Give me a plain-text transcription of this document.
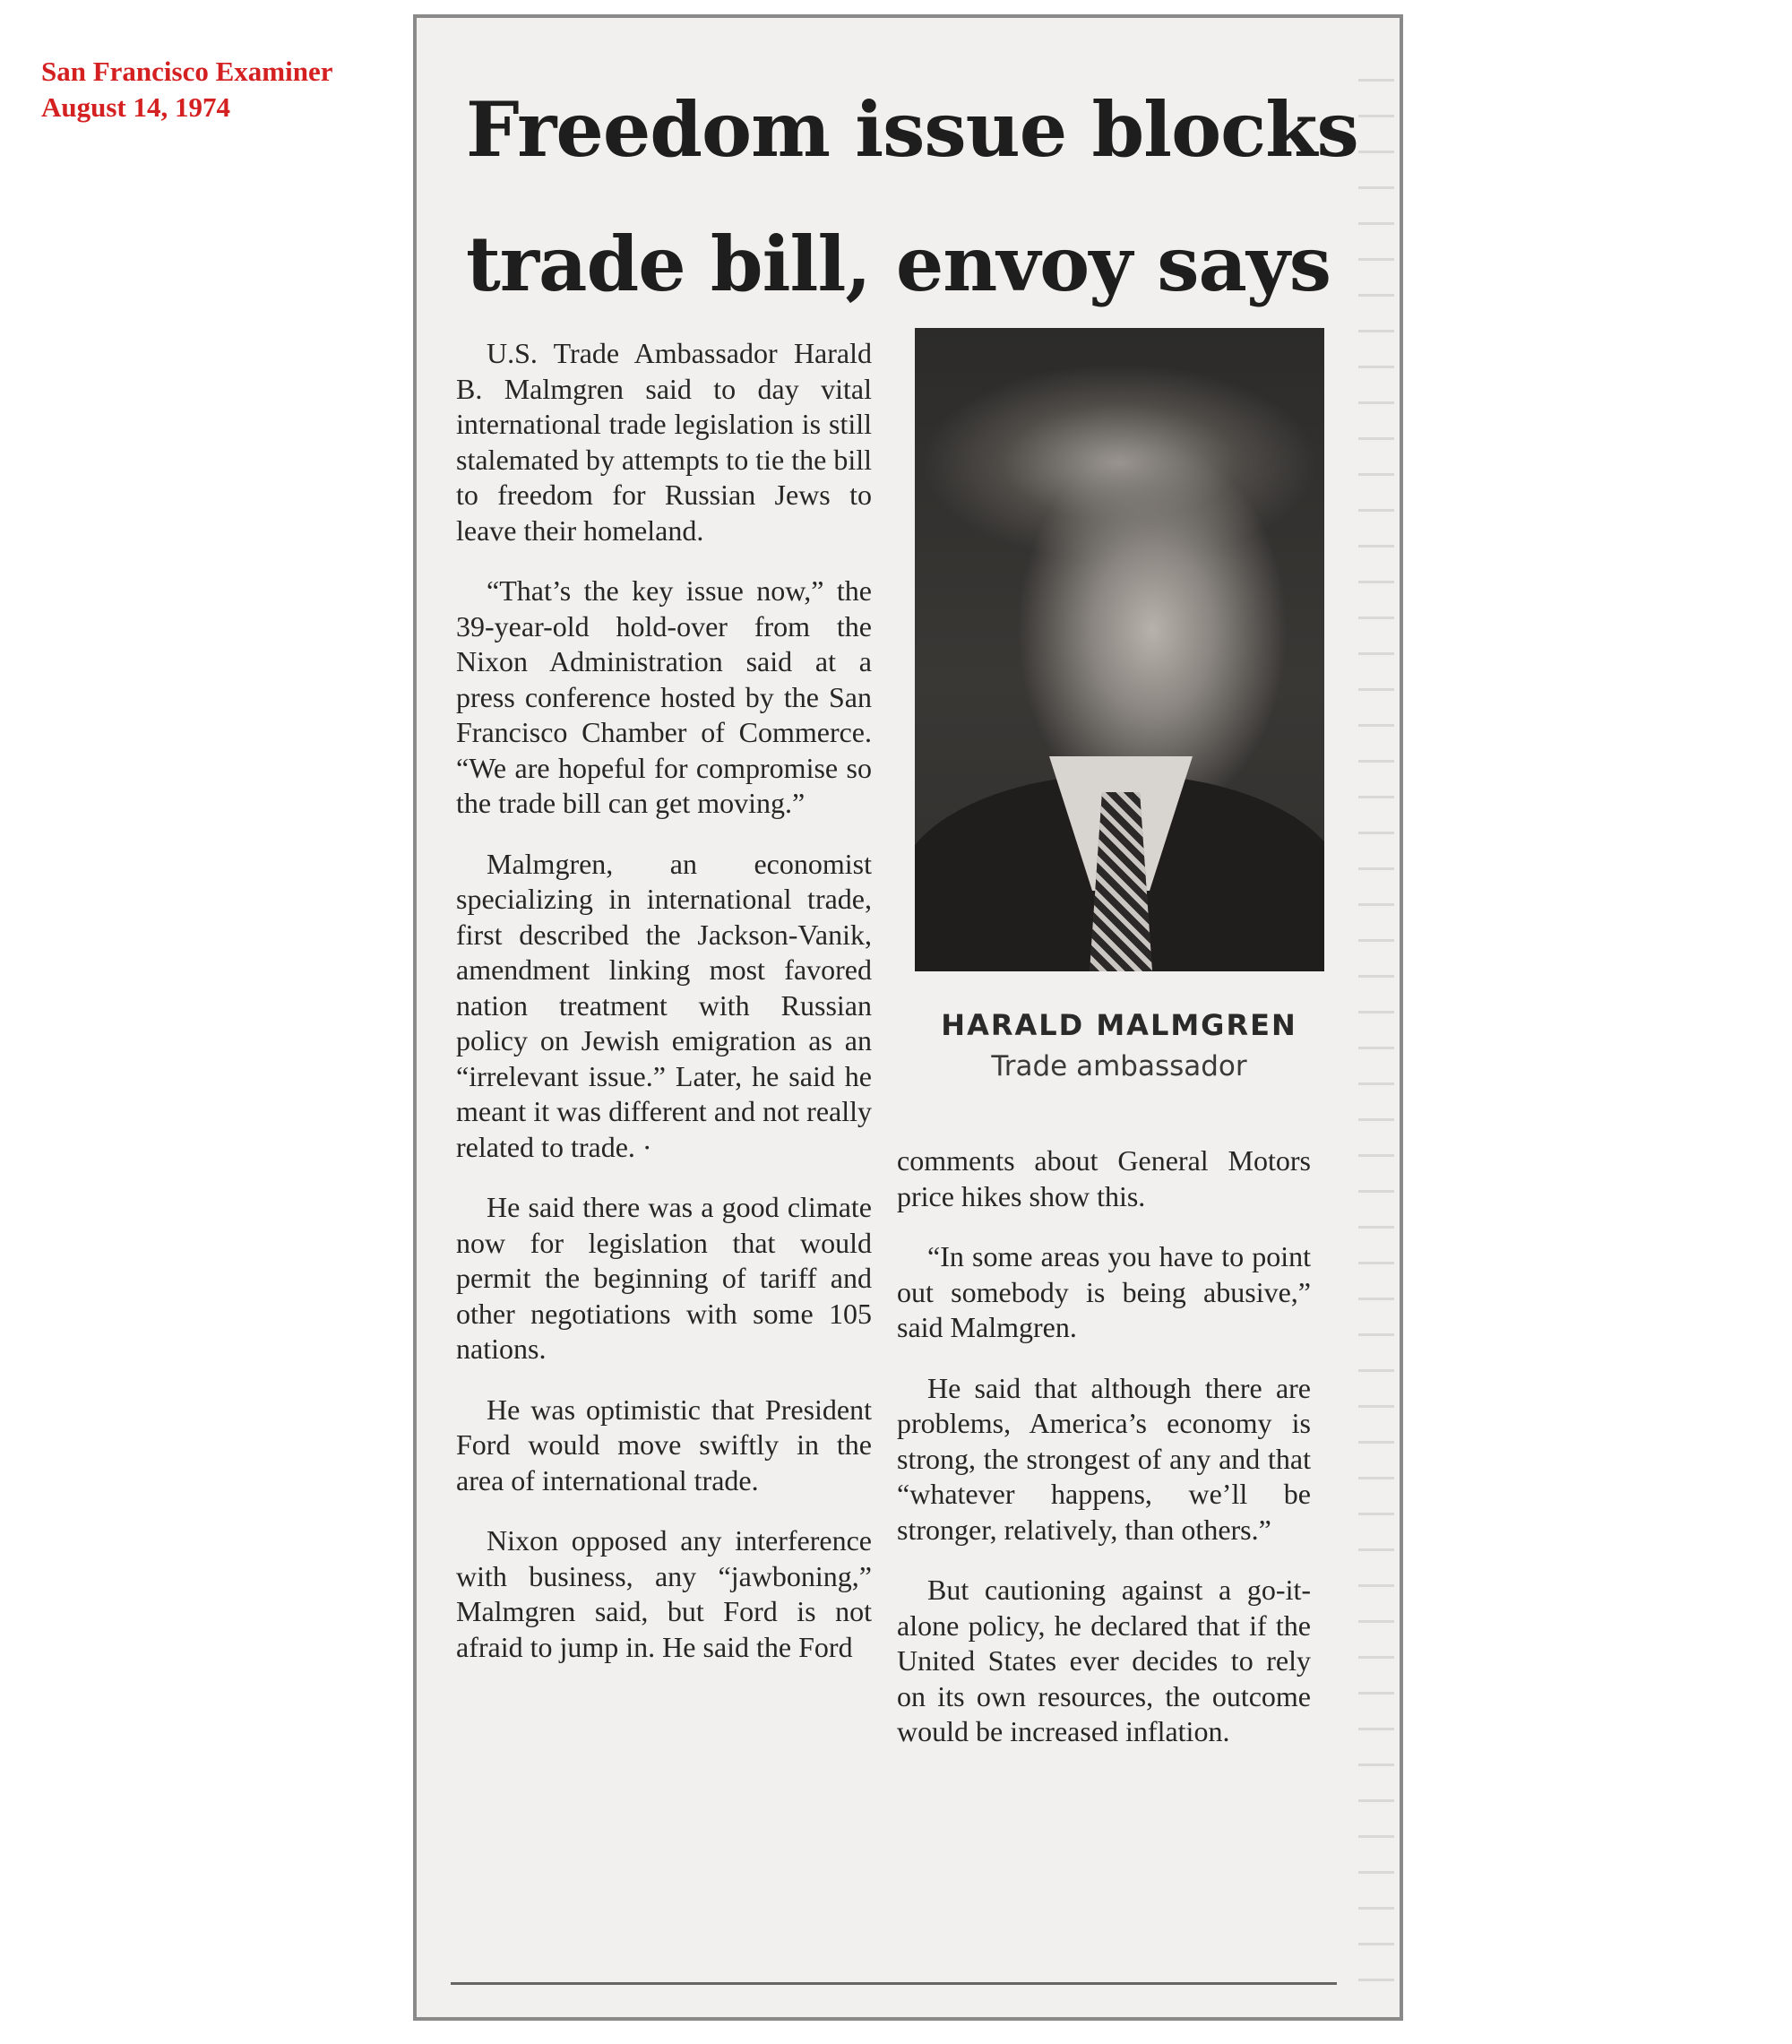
San Francisco Examiner
August 14, 1974	Freedom issue blocks
trade bill, envoy says

U.S. Trade Ambassador Harald B. Malmgren said to day vital international trade legislation is still stalemated by attempts to tie the bill to freedom for Russian Jews to leave their homeland.

“That’s the key issue now,” the 39-year-old hold-over from the Nixon Administration said at a press conference hosted by the San Francisco Chamber of Commerce. “We are hopeful for compromise so the trade bill can get moving.”

Malmgren, an economist specializing in international trade, first described the Jackson-Vanik, amendment linking most favored nation treatment with Russian policy on Jewish emigration as an “irrelevant issue.” Later, he said he meant it was different and not really related to trade. ·

He said there was a good climate now for legislation that would permit the beginning of tariff and other negotiations with some 105 nations.

He was optimistic that President Ford would move swiftly in the area of international trade.

Nixon opposed any interference with business, any “jawboning,” Malmgren said, but Ford is not afraid to jump in. He said the Ford

HARALD MALMGREN
Trade ambassador

comments about General Motors price hikes show this.

“In some areas you have to point out somebody is being abusive,” said Malmgren.

He said that although there are problems, America’s economy is strong, the strongest of any and that “whatever happens, we’ll be stronger, relatively, than others.”

But cautioning against a go-it-alone policy, he declared that if the United States ever decides to rely on its own resources, the outcome would be increased inflation.
